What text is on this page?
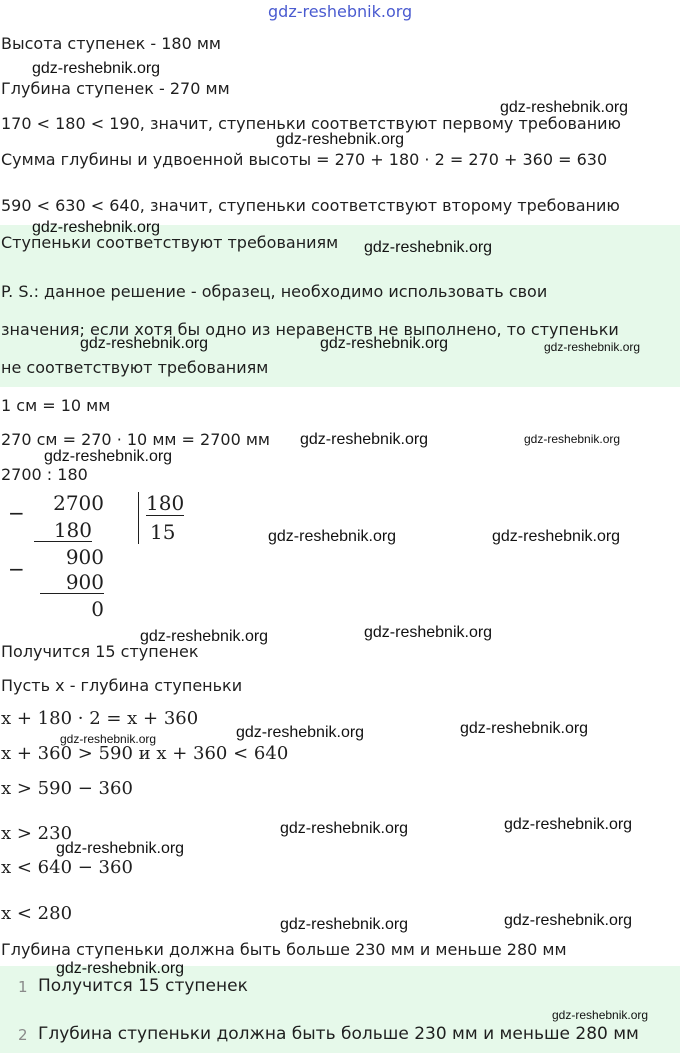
gdz-reshebnik.org
Высота ступенек - 180 мм
gdz-reshebnik.org
Глубина ступенек - 270 мм
gdz-reshebnik.org
170 < 180 < 190, значит, ступеньки соответствуют первому требованию
gdz-reshebnik.org
Сумма глубины и удвоенной высоты = 270 + 180 · 2 = 270 + 360 = 630
590 < 630 < 640, значит, ступеньки соответствуют второму требованию
gdz-reshebnik.org
Ступеньки соответствуют требованиям gdz-reshebnik.org
P. S.: данное решение - образец, необходимо использовать свои
значения; если хотя бы одно из неравенств не выполнено, то ступеньки
gdz-reshebnik.org	gdz-reshebnik.org	gdz-reshebnik.org
не соответствуют требованиям
1 см = 10 мм
270 см = 270 · 10 мм = 2700 мм gdz-reshebnik.org	gdz-reshebnik.org
gdz-reshebnik.org
2700 : 180
−	2700
180
−	900
900
0
180
15	gdz-reshebnik.org	gdz-reshebnik.org
gdz-reshebnik.org	gdz-reshebnik.org
Получится 15 ступенек
Пусть x - глубина ступеньки
x + 180 · 2 = x + 360
gdz-reshebnik.org	gdz-reshebnik.org
gdz-reshebnik.org
x + 360 > 590 и x + 360 < 640
x > 590 − 360
x > 230	gdz-reshebnik.org	gdz-reshebnik.org
gdz-reshebnik.org
x < 640 − 360
x < 280
gdz-reshebnik.org	gdz-reshebnik.org
Глубина ступеньки должна быть больше 230 мм и меньше 280 мм
gdz-reshebnik.org
1 Получится 15 ступенек
gdz-reshebnik.org
2 Глубина ступеньки должна быть больше 230 мм и меньше 280 мм
